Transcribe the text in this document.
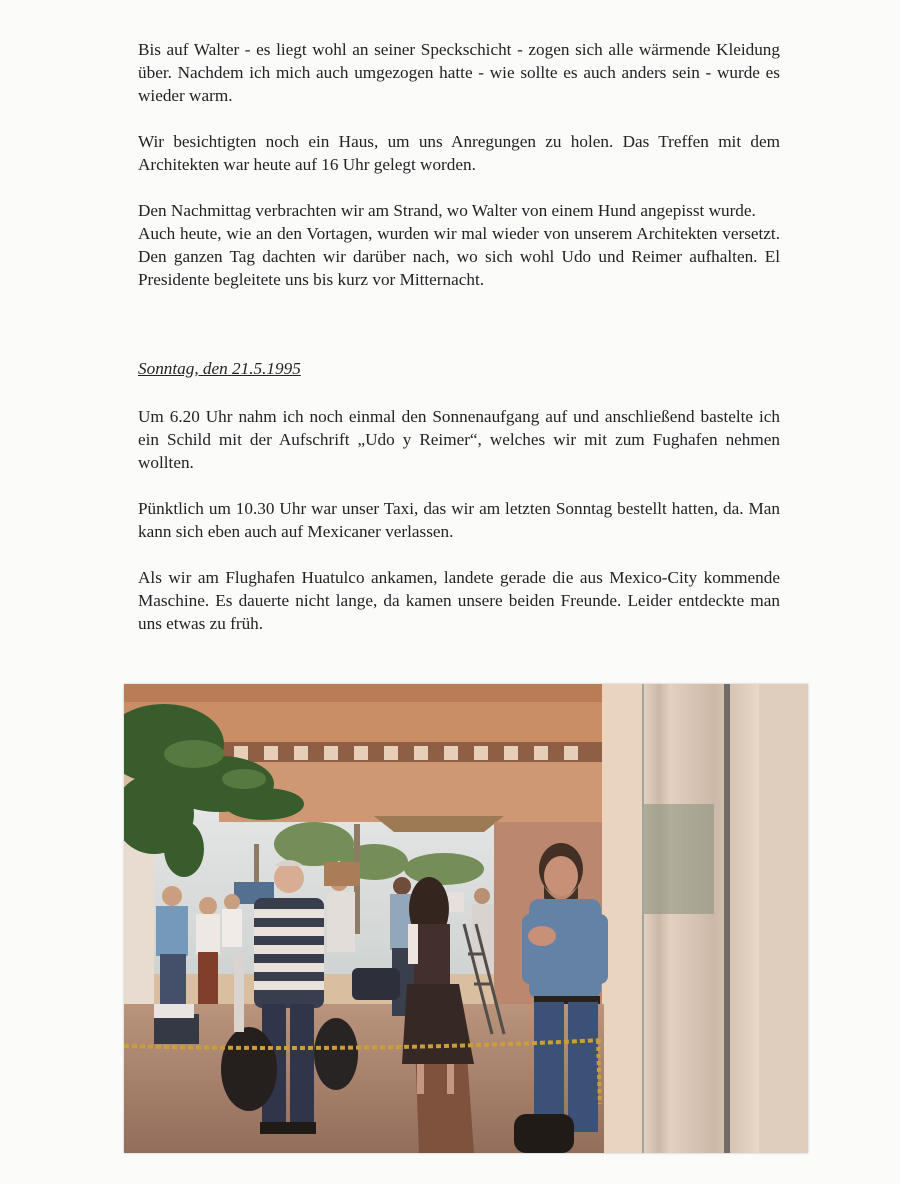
Bis auf Walter - es liegt wohl an seiner Speckschicht - zogen sich alle wärmende Kleidung über. Nachdem ich mich auch umgezogen hatte - wie sollte es auch anders sein - wurde es wieder warm.

Wir besichtigten noch ein Haus, um uns Anregungen zu holen. Das Treffen mit dem Architekten war heute auf 16 Uhr gelegt worden.

Den Nachmittag verbrachten wir am Strand, wo Walter von einem Hund angepisst wurde.

Auch heute, wie an den Vortagen, wurden wir mal wieder von unserem Architekten versetzt. Den ganzen Tag dachten wir darüber nach, wo sich wohl Udo und Reimer aufhalten. El Presidente begleitete uns bis kurz vor Mitternacht.

Sonntag, den 21.5.1995

Um 6.20 Uhr nahm ich noch einmal den Sonnenaufgang auf und anschließend bastelte ich ein Schild mit der Aufschrift „Udo y Reimer“, welches wir mit zum Fughafen nehmen wollten.

Pünktlich um 10.30 Uhr war unser Taxi, das wir am letzten Sonntag bestellt hatten, da. Man kann sich eben auch auf Mexicaner verlassen.

Als wir am Flughafen Huatulco ankamen, landete gerade die aus Mexico-City kommende Maschine. Es dauerte nicht lange, da kamen unsere beiden Freunde. Leider entdeckte man uns etwas zu früh.
